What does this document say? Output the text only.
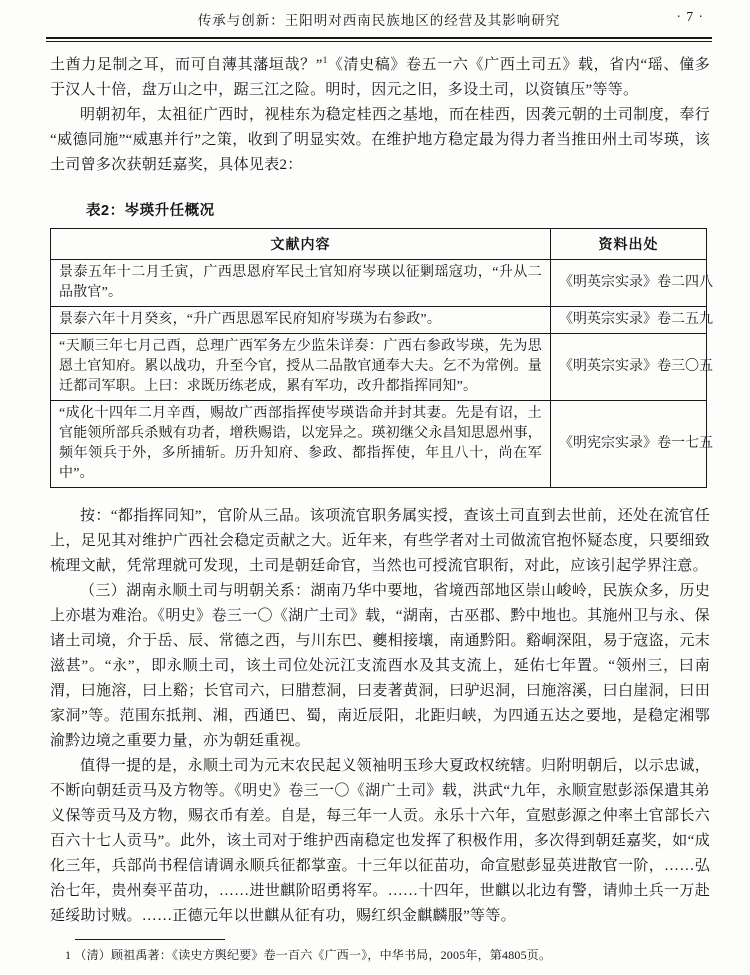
传承与创新：王阳明对西南民族地区的经营及其影响研究	· 7 ·

土酋力足制之耳，而可自薄其藩垣哉？”$^1$《清史稿》卷五一六《广西土司五》载，省内“瑶、僮多于汉人十倍，盘万山之中，踞三江之险。明时，因元之旧，多设土司，以资镇压”等等。

明朝初年，太祖征广西时，视桂东为稳定桂西之基地，而在桂西，因袭元朝的土司制度，奉行“威德同施”“威惠并行”之策，收到了明显实效。在维护地方稳定最为得力者当推田州土司岑瑛，该土司曾多次获朝廷嘉奖，具体见表2：

表2：岑瑛升任概况
文献内容	资料出处
景泰五年十二月壬寅，广西思恩府军民土官知府岑瑛以征剿瑶寇功，“升从二品散官”。	《明英宗实录》卷二四八
景泰六年十月癸亥，“升广西思恩军民府知府岑瑛为右参政”。	《明英宗实录》卷二五九
“天顺三年七月己酉，总理广西军务左少监朱详奏：广西右参政岑瑛，先为思恩土官知府。累以战功，升至今官，授从二品散官通奉大夫。乞不为常例。量迁都司军职。上曰：求既历练老成，累有军功，改升都指挥同知”。	《明英宗实录》卷三〇五
“成化十四年二月辛酉，赐故广西部指挥使岑瑛诰命并封其妻。先是有诏，土官能领所部兵杀贼有功者，增秩赐诰，以宠异之。瑛初继父永昌知思恩州事，频年领兵于外，多所捕斩。历升知府、参政、都指挥使，年且八十，尚在军中”。	《明宪宗实录》卷一七五

按：“都指挥同知”，官阶从三品。该项流官职务属实授，查该土司直到去世前，还处在流官任上，足见其对维护广西社会稳定贡献之大。近年来，有些学者对土司做流官抱怀疑态度，只要细致梳理文献，凭常理就可发现，土司是朝廷命官，当然也可授流官职衔，对此，应该引起学界注意。

（三）湖南永顺土司与明朝关系：湖南乃华中要地，省境西部地区崇山峻岭，民族众多，历史上亦堪为难治。《明史》卷三一〇《湖广土司》载，“湖南，古巫郡、黔中地也。其施州卫与永、保诸土司境，介于岳、辰、常德之西，与川东巴、夔相接壤，南通黔阳。谿峒深阻，易于寇盗，元末滋甚”。“永”，即永顺土司，该土司位处沅江支流酉水及其支流上，延佑七年置。“领州三，曰南渭，曰施溶，曰上谿；长官司六，曰腊惹洞，曰麦著黄洞，曰驴迟洞，曰施溶溪，曰白崖洞，曰田家洞”等。范围东抵荆、湘，西通巴、蜀，南近辰阳，北距归峡，为四通五达之要地，是稳定湘鄂渝黔边境之重要力量，亦为朝廷重视。

值得一提的是，永顺土司为元末农民起义领袖明玉珍大夏政权统辖。归附明朝后，以示忠诚，不断向朝廷贡马及方物等。《明史》卷三一〇《湖广土司》载，洪武“九年，永顺宣慰彭添保遣其弟义保等贡马及方物，赐衣币有差。自是，每三年一人贡。永乐十六年，宣慰彭源之仲率土官部长六百六十七人贡马”。此外，该土司对于维护西南稳定也发挥了积极作用，多次得到朝廷嘉奖，如“成化三年，兵部尚书程信请调永顺兵征都掌蛮。十三年以征苗功，命宣慰彭显英进散官一阶，……弘治七年，贵州奏平苗功，……进世麒阶昭勇将军。……十四年，世麒以北边有警，请帅土兵一万赴延绥助讨贼。……正德元年以世麒从征有功，赐红织金麒麟服”等等。

1 （清）顾祖禹著：《读史方舆纪要》卷一百六《广西一》，中华书局，2005年，第4805页。
